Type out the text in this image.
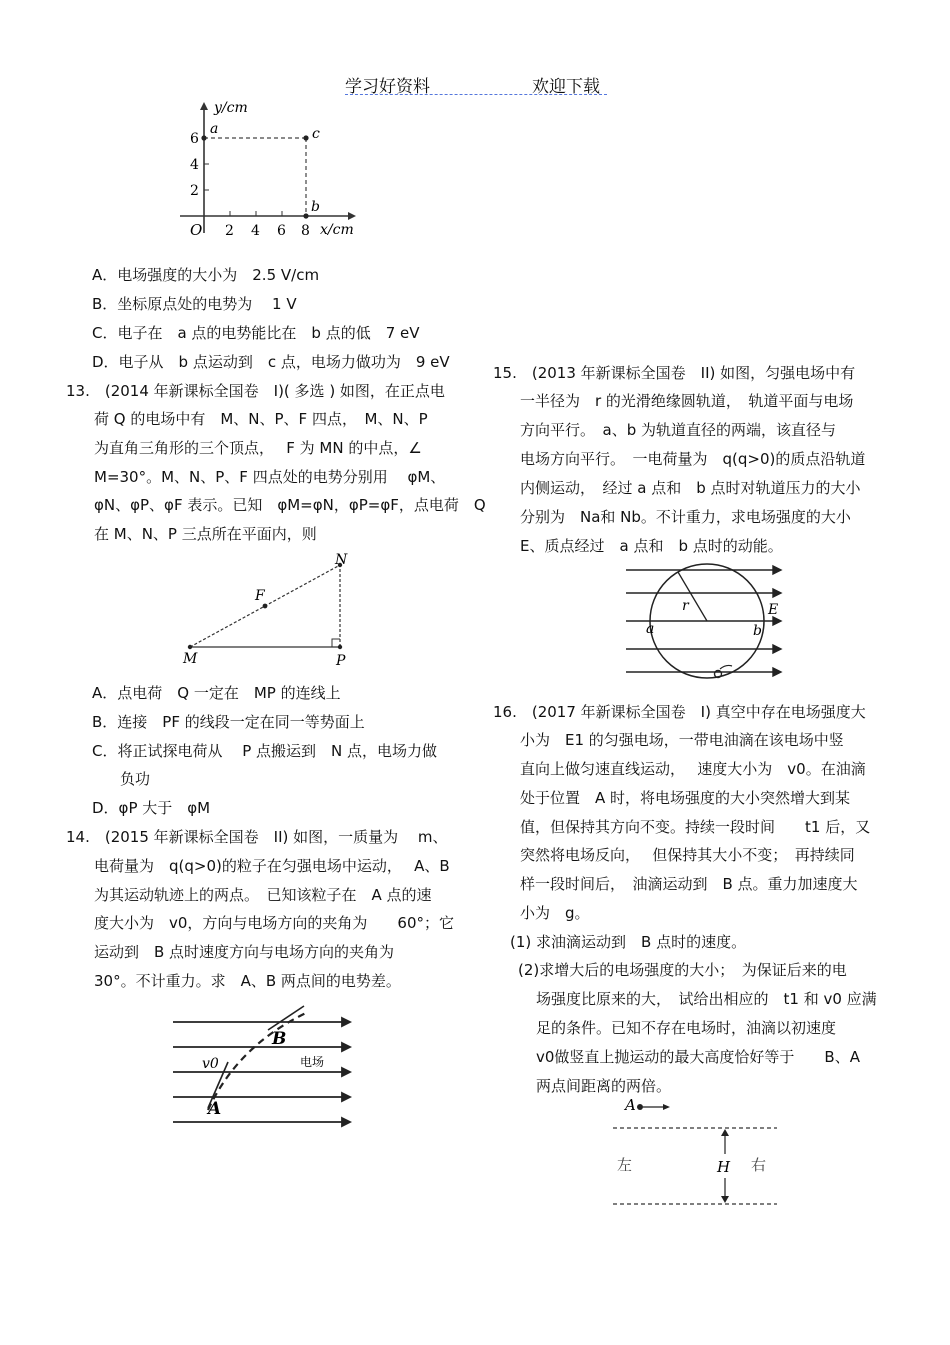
学习好资料	欢迎下载
y/cm
x/cm
O
6
4
2
2 4 6 8
a	c
b
A．电场强度的大小为　2.5 V/cm
B．坐标原点处的电势为　 1 V
C．电子在　a 点的电势能比在　b 点的低　7 eV
D．电子从　b 点运动到　c 点，电场力做功为　9 eV
13.　(2014 年新课标全国卷　I)( 多选 ) 如图，在正点电
荷 Q 的电场中有　M、N、P、F 四点，　M、N、P
为直角三角形的三个顶点，　 F 为 MN 的中点，∠
M=30°。M、N、P、F 四点处的电势分别用　 φM、
φN、φP、φF 表示。已知　φM=φN，φP=φF，点电荷　Q
在 M、N、P 三点所在平面内，则
M
N
P
F
A．点电荷　Q 一定在　MP 的连线上
B．连接　PF 的线段一定在同一等势面上
C．将正试探电荷从　 P 点搬运到　N 点，电场力做
负功
D．φP 大于　φM
14.　(2015 年新课标全国卷　II) 如图，一质量为　 m、
电荷量为　q(q>0)的粒子在匀强电场中运动，　 A、B
为其运动轨迹上的两点。　已知该粒子在　A 点的速
度大小为　v0，方向与电场方向的夹角为　　60°；它
运动到　B 点时速度方向与电场方向的夹角为
30°。不计重力。求　A、B 两点间的电势差。
B
A
v0	电场
15.　(2013 年新课标全国卷　II) 如图，匀强电场中有
一半径为　r 的光滑绝缘圆轨道，　轨道平面与电场
方向平行。　a、b 为轨道直径的两端，该直径与
电场方向平行。　一电荷量为　q(q>0)的质点沿轨道
内侧运动，　经过 a 点和　b 点时对轨道压力的大小
分别为　Na和 Nb。不计重力，求电场强度的大小
E、质点经过　a 点和　b 点时的动能。
r	E
a	b
16.　(2017 年新课标全国卷　I) 真空中存在电场强度大
小为　E1 的匀强电场，一带电油滴在该电场中竖
直向上做匀速直线运动，　 速度大小为　v0。在油滴
处于位置　A 时，将电场强度的大小突然增大到某
值，但保持其方向不变。持续一段时间　　t1 后，又
突然将电场反向，　 但保持其大小不变；　再持续同
样一段时间后，　油滴运动到　B 点。重力加速度大
小为　g。
(1) 求油滴运动到　B 点时的速度。
(2)求增大后的电场强度的大小；　为保证后来的电
场强度比原来的大，　试给出相应的　t1 和 v0 应满
足的条件。已知不存在电场时，油滴以初速度
v0做竖直上抛运动的最大高度恰好等于　　B、A
两点间距离的两倍。
A
左	H 右
